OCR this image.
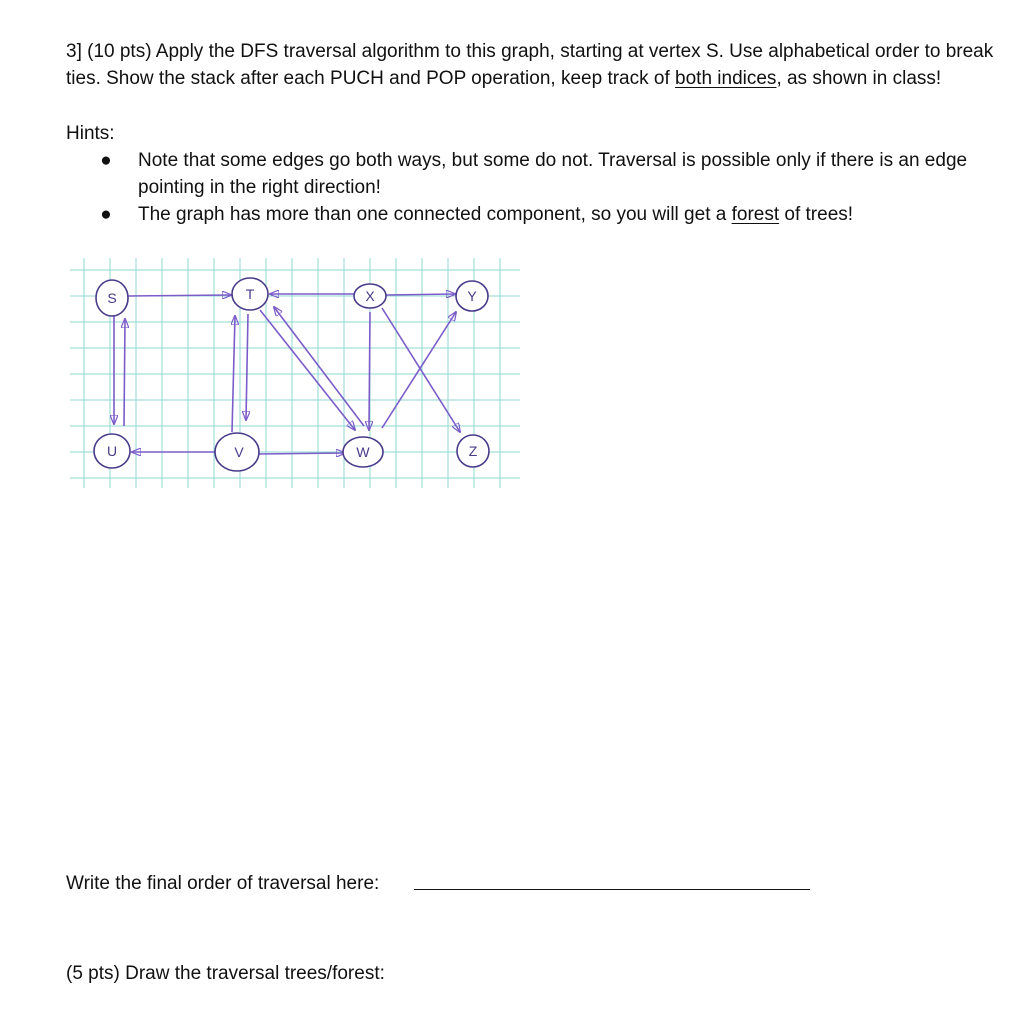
3] (10 pts) Apply the DFS traversal algorithm to this graph, starting at vertex S. Use alphabetical order to break ties. Show the stack after each PUCH and POP operation, keep track of both indices, as shown in class!

Hints:

● Note that some edges go both ways, but some do not. Traversal is possible only if there is an edge pointing in the right direction!
● The graph has more than one connected component, so you will get a forest of trees!
S	T	X	Y
U	V	W	Z

Write the final order of traversal here:

(5 pts) Draw the traversal trees/forest:
